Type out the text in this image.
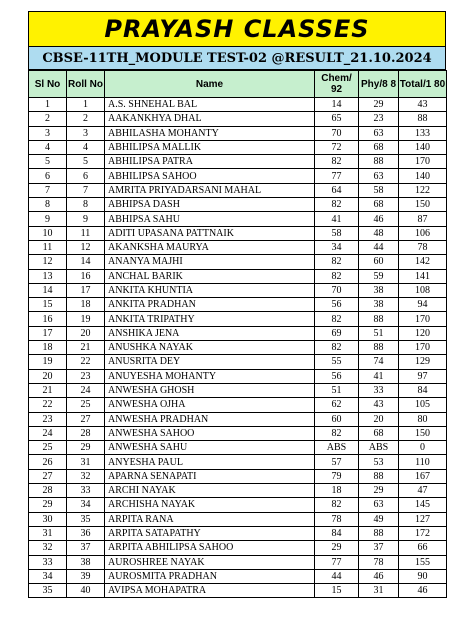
PRAYASH CLASSES
CBSE-11TH_MODULE TEST-02 @RESULT_21.10.2024
Sl No	Roll No	Name	Chem/ 92	Phy/8 8	Total/1 80
1	1	A.S. SHNEHAL BAL	14	29	43
2	2	AAKANKHYA DHAL	65	23	88
3	3	ABHILASHA MOHANTY	70	63	133
4	4	ABHILIPSA MALLIK	72	68	140
5	5	ABHILIPSA PATRA	82	88	170
6	6	ABHILIPSA SAHOO	77	63	140
7	7	AMRITA PRIYADARSANI MAHAL	64	58	122
8	8	ABHIPSA DASH	82	68	150
9	9	ABHIPSA SAHU	41	46	87
10	11	ADITI UPASANA PATTNAIK	58	48	106
11	12	AKANKSHA MAURYA	34	44	78
12	14	ANANYA MAJHI	82	60	142
13	16	ANCHAL BARIK	82	59	141
14	17	ANKITA KHUNTIA	70	38	108
15	18	ANKITA PRADHAN	56	38	94
16	19	ANKITA TRIPATHY	82	88	170
17	20	ANSHIKA JENA	69	51	120
18	21	ANUSHKA NAYAK	82	88	170
19	22	ANUSRITA DEY	55	74	129
20	23	ANUYESHA MOHANTY	56	41	97
21	24	ANWESHA GHOSH	51	33	84
22	25	ANWESHA OJHA	62	43	105
23	27	ANWESHA PRADHAN	60	20	80
24	28	ANWESHA SAHOO	82	68	150
25	29	ANWESHA SAHU	ABS	ABS	0
26	31	ANYESHA PAUL	57	53	110
27	32	APARNA SENAPATI	79	88	167
28	33	ARCHI NAYAK	18	29	47
29	34	ARCHISHA NAYAK	82	63	145
30	35	ARPITA RANA	78	49	127
31	36	ARPITA SATAPATHY	84	88	172
32	37	ARPITA ABHILIPSA SAHOO	29	37	66
33	38	AUROSHREE NAYAK	77	78	155
34	39	AUROSMITA PRADHAN	44	46	90
35	40	AVIPSA MOHAPATRA	15	31	46
